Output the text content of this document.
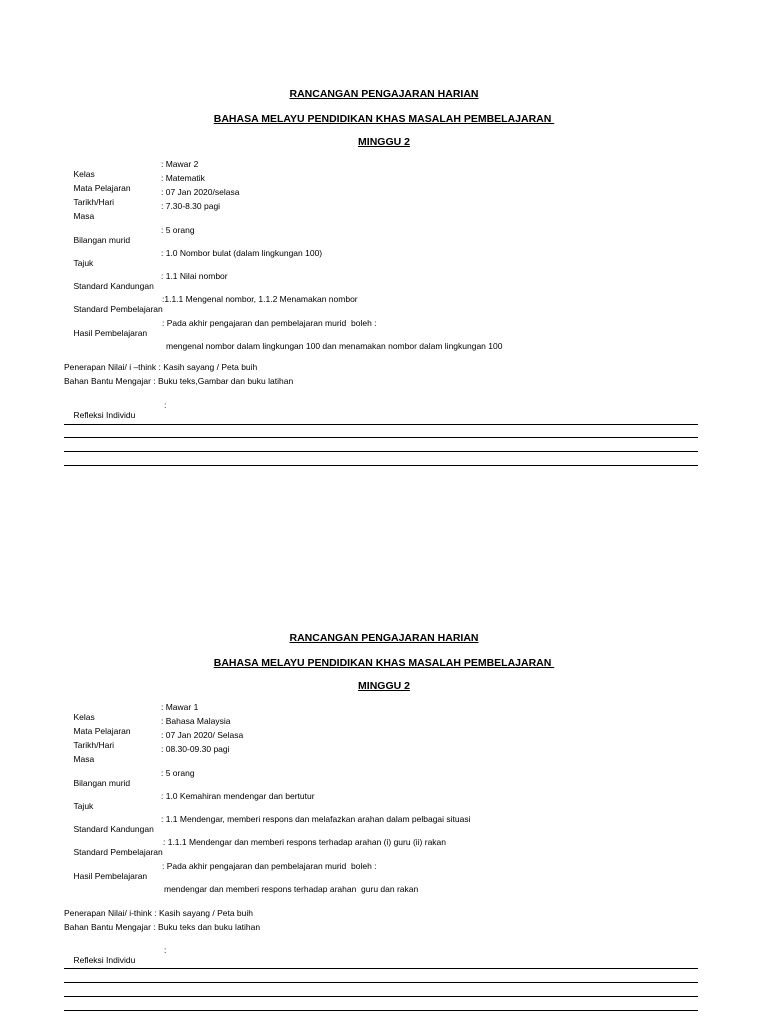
RANCANGAN PENGAJARAN HARIAN
BAHASA MELAYU PENDIDIKAN KHAS MASALAH PEMBELAJARAN
MINGGU 2

Kelas

: Mawar 2

Mata Pelajaran

: Matematik

Tarikh/Hari

: 07 Jan 2020/selasa

Masa

: 7.30-8.30 pagi

Bilangan murid

: 5 orang

Tajuk

: 1.0 Nombor bulat (dalam lingkungan 100)

Standard Kandungan

: 1.1 Nilai nombor

Standard Pembelajaran

:1.1.1 Mengenal nombor, 1.1.2 Menamakan nombor

Hasil Pembelajaran

: Pada akhir pengajaran dan pembelajaran murid  boleh :

mengenal nombor dalam lingkungan 100 dan menamakan nombor dalam lingkungan 100
Penerapan Nilai/ i –think : Kasih sayang / Peta buih
Bahan Bantu Mengajar : Buku teks,Gambar dan buku latihan

Refleksi Individu

:

RANCANGAN PENGAJARAN HARIAN
BAHASA MELAYU PENDIDIKAN KHAS MASALAH PEMBELAJARAN
MINGGU 2

Kelas

: Mawar 1

Mata Pelajaran

: Bahasa Malaysia

Tarikh/Hari

: 07 Jan 2020/ Selasa

Masa

: 08.30-09.30 pagi

Bilangan murid

: 5 orang

Tajuk

: 1.0 Kemahiran mendengar dan bertutur

Standard Kandungan

: 1.1 Mendengar, memberi respons dan melafazkan arahan dalam pelbagai situasi

Standard Pembelajaran

: 1.1.1 Mendengar dan memberi respons terhadap arahan (i) guru (ii) rakan

Hasil Pembelajaran

: Pada akhir pengajaran dan pembelajaran murid  boleh :

mendengar dan memberi respons terhadap arahan  guru dan rakan
Penerapan Nilai/ i-think : Kasih sayang / Peta buih
Bahan Bantu Mengajar : Buku teks dan buku latihan

Refleksi Individu

:
